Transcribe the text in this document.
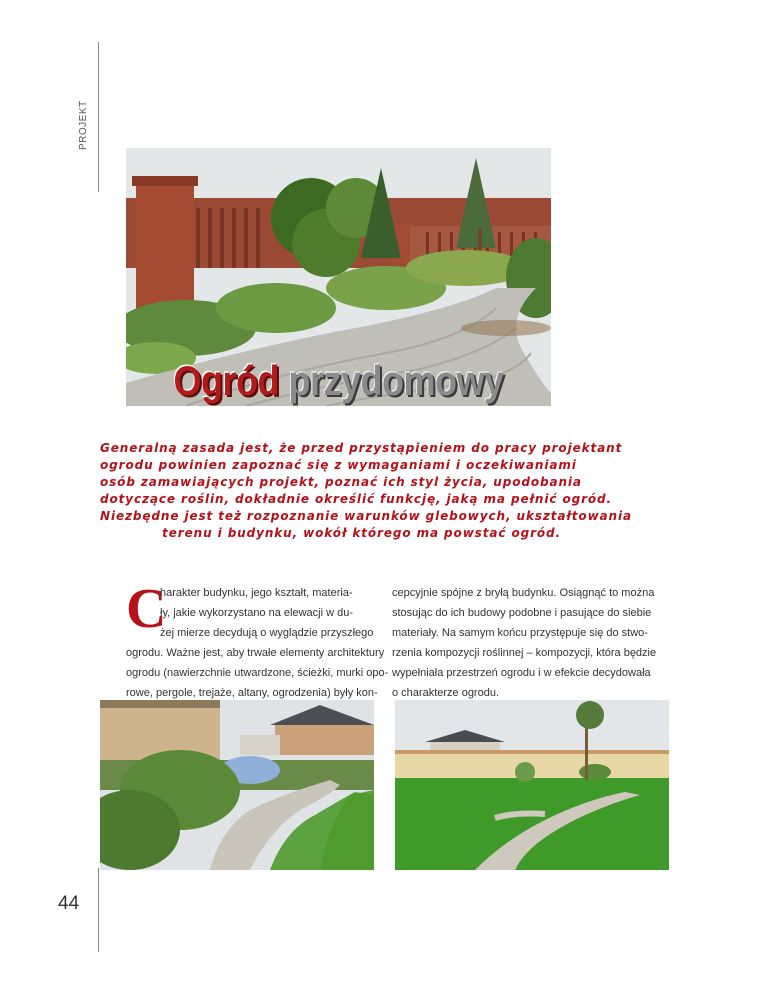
PROJEKT
44
Ogród przydomowy
Generalną zasada jest, że przed przystąpieniem do pracy projektant
ogrodu powinien zapoznać się z wymaganiami i oczekiwaniami
osób zamawiających projekt, poznać ich styl życia, upodobania
dotyczące roślin, dokładnie określić funkcję, jaką ma pełnić ogród.
Niezbędne jest też rozpoznanie warunków glebowych, ukształtowania
terenu i budynku, wokół którego ma powstać ogród.
C
harakter budynku, jego kształt, materia-
ły, jakie wykorzystano na elewacji w du-
żej mierze decydują o wyglądzie przyszłego
ogrodu. Ważne jest, aby trwałe elementy architektury
ogrodu (nawierzchnie utwardzone, ścieżki, murki opo-
rowe, pergole, trejaże, altany, ogrodzenia) były kon-
cepcyjnie spójne z bryłą budynku. Osiągnąć to można
stosując do ich budowy podobne i pasujące do siebie
materiały. Na samym końcu przystępuje się do stwo-
rzenia kompozycji roślinnej – kompozycji, która będzie
wypełniała przestrzeń ogrodu i w efekcie decydowała
o charakterze ogrodu.
